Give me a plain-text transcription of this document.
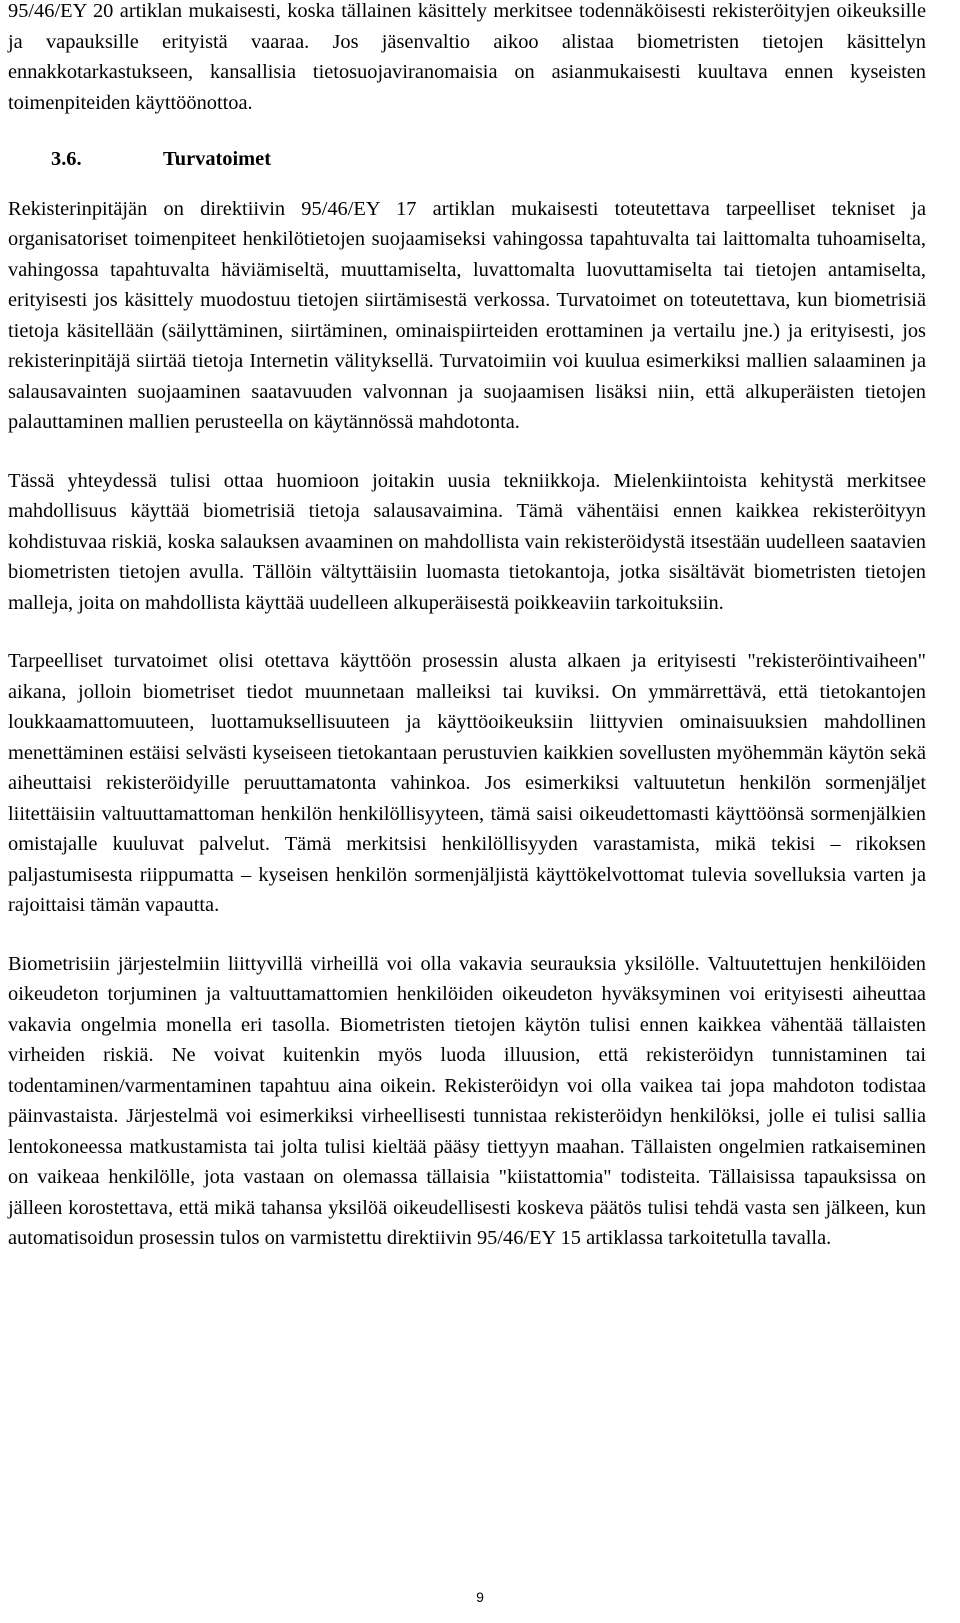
95/46/EY 20 artiklan mukaisesti, koska tällainen käsittely merkitsee todennäköisesti rekisteröityjen oikeuksille ja vapauksille erityistä vaaraa. Jos jäsenvaltio aikoo alistaa biometristen tietojen käsittelyn ennakkotarkastukseen, kansallisia tietosuojaviranomaisia on asianmukaisesti kuultava ennen kyseisten toimenpiteiden käyttöönottoa.

3.6.	Turvatoimet

Rekisterinpitäjän on direktiivin 95/46/EY 17 artiklan mukaisesti toteutettava tarpeelliset tekniset ja organisatoriset toimenpiteet henkilötietojen suojaamiseksi vahingossa tapahtuvalta tai laittomalta tuhoamiselta, vahingossa tapahtuvalta häviämiseltä, muuttamiselta, luvattomalta luovuttamiselta tai tietojen antamiselta, erityisesti jos käsittely muodostuu tietojen siirtämisestä verkossa. Turvatoimet on toteutettava, kun biometrisiä tietoja käsitellään (säilyttäminen, siirtäminen, ominaispiirteiden erottaminen ja vertailu jne.) ja erityisesti, jos rekisterinpitäjä siirtää tietoja Internetin välityksellä. Turvatoimiin voi kuulua esimerkiksi mallien salaaminen ja salausavainten suojaaminen saatavuuden valvonnan ja suojaamisen lisäksi niin, että alkuperäisten tietojen palauttaminen mallien perusteella on käytännössä mahdotonta.

Tässä yhteydessä tulisi ottaa huomioon joitakin uusia tekniikkoja. Mielenkiintoista kehitystä merkitsee mahdollisuus käyttää biometrisiä tietoja salausavaimina. Tämä vähentäisi ennen kaikkea rekisteröityyn kohdistuvaa riskiä, koska salauksen avaaminen on mahdollista vain rekisteröidystä itsestään uudelleen saatavien biometristen tietojen avulla. Tällöin vältyttäisiin luomasta tietokantoja, jotka sisältävät biometristen tietojen malleja, joita on mahdollista käyttää uudelleen alkuperäisestä poikkeaviin tarkoituksiin.

Tarpeelliset turvatoimet olisi otettava käyttöön prosessin alusta alkaen ja erityisesti "rekisteröintivaiheen" aikana, jolloin biometriset tiedot muunnetaan malleiksi tai kuviksi. On ymmärrettävä, että tietokantojen loukkaamattomuuteen, luottamuksellisuuteen ja käyttöoikeuksiin liittyvien ominaisuuksien mahdollinen menettäminen estäisi selvästi kyseiseen tietokantaan perustuvien kaikkien sovellusten myöhemmän käytön sekä aiheuttaisi rekisteröidyille peruuttamatonta vahinkoa. Jos esimerkiksi valtuutetun henkilön sormenjäljet liitettäisiin valtuuttamattoman henkilön henkilöllisyyteen, tämä saisi oikeudettomasti käyttöönsä sormenjälkien omistajalle kuuluvat palvelut. Tämä merkitsisi henkilöllisyyden varastamista, mikä tekisi – rikoksen paljastumisesta riippumatta – kyseisen henkilön sormenjäljistä käyttökelvottomat tulevia sovelluksia varten ja rajoittaisi tämän vapautta.

Biometrisiin järjestelmiin liittyvillä virheillä voi olla vakavia seurauksia yksilölle. Valtuutettujen henkilöiden oikeudeton torjuminen ja valtuuttamattomien henkilöiden oikeudeton hyväksyminen voi erityisesti aiheuttaa vakavia ongelmia monella eri tasolla. Biometristen tietojen käytön tulisi ennen kaikkea vähentää tällaisten virheiden riskiä. Ne voivat kuitenkin myös luoda illuusion, että rekisteröidyn tunnistaminen tai todentaminen/varmentaminen tapahtuu aina oikein. Rekisteröidyn voi olla vaikea tai jopa mahdoton todistaa päinvastaista. Järjestelmä voi esimerkiksi virheellisesti tunnistaa rekisteröidyn henkilöksi, jolle ei tulisi sallia lentokoneessa matkustamista tai jolta tulisi kieltää pääsy tiettyyn maahan. Tällaisten ongelmien ratkaiseminen on vaikeaa henkilölle, jota vastaan on olemassa tällaisia "kiistattomia" todisteita. Tällaisissa tapauksissa on jälleen korostettava, että mikä tahansa yksilöä oikeudellisesti koskeva päätös tulisi tehdä vasta sen jälkeen, kun automatisoidun prosessin tulos on varmistettu direktiivin 95/46/EY 15 artiklassa tarkoitetulla tavalla.

9
